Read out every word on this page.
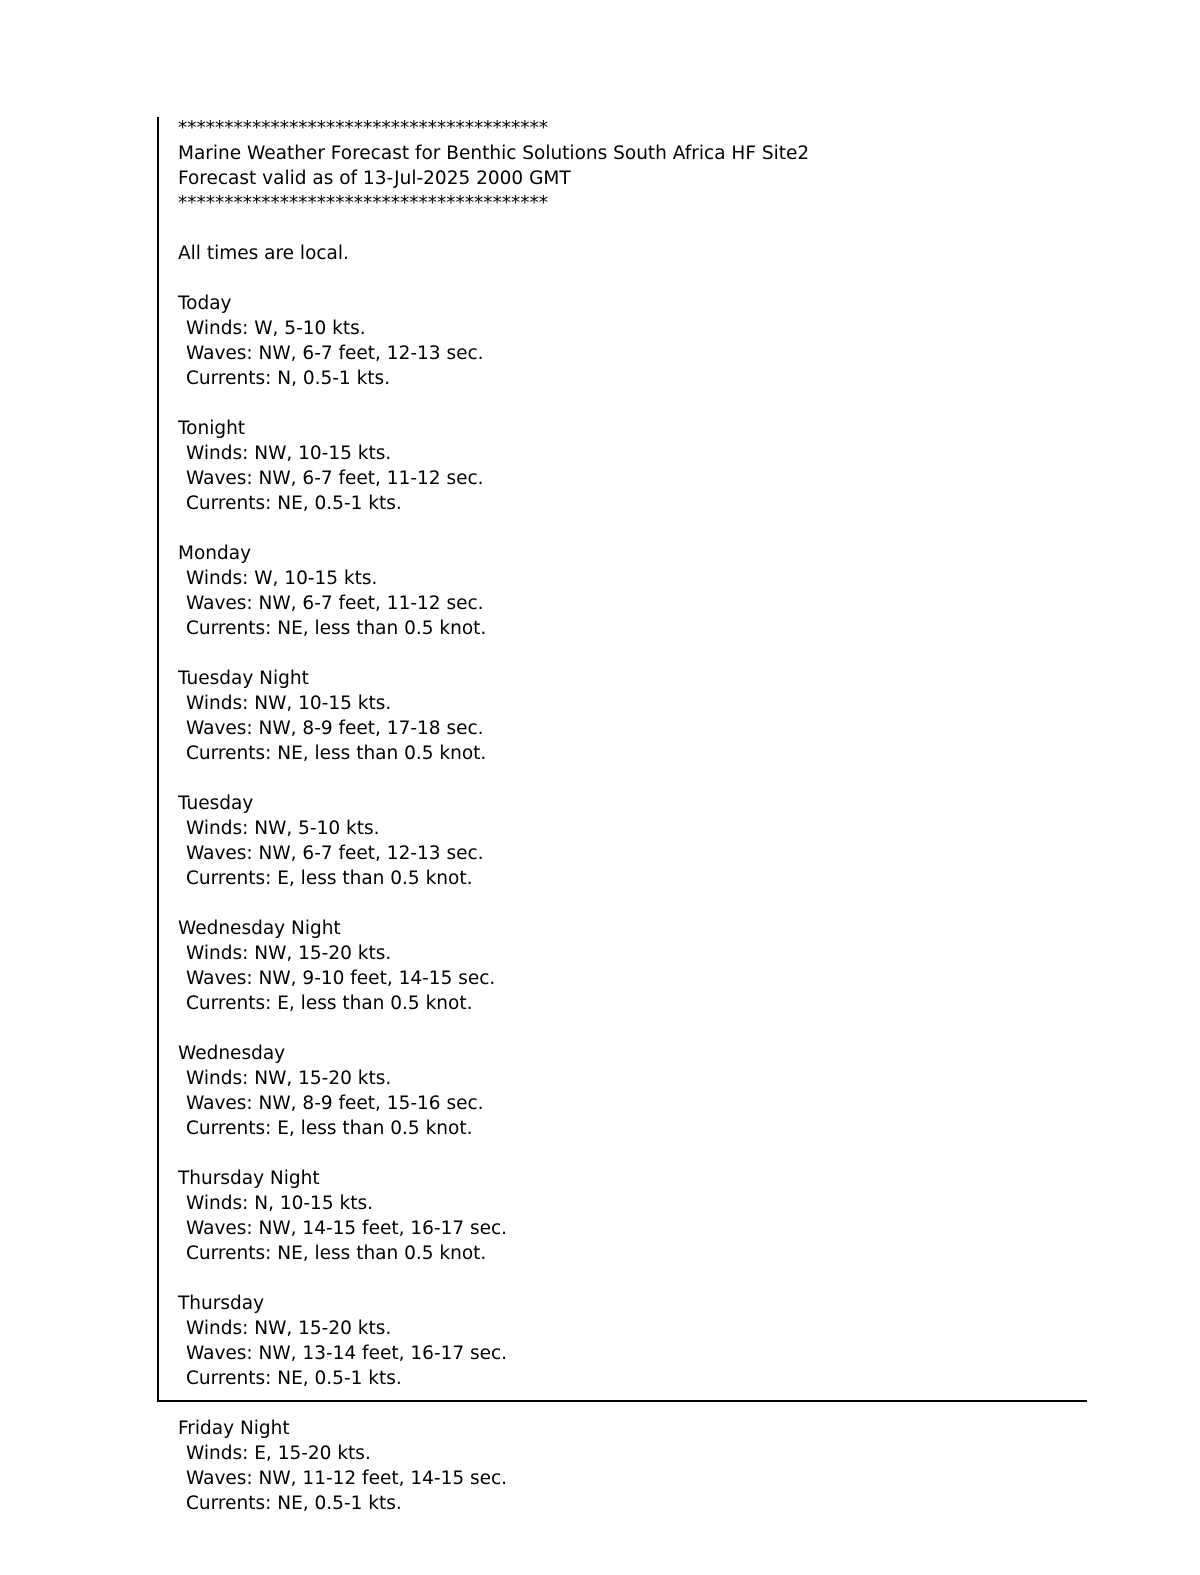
****************************************
Marine Weather Forecast for Benthic Solutions South Africa HF Site2
Forecast valid as of 13-Jul-2025 2000 GMT
****************************************
All times are local.
Today
Winds: W, 5-10 kts.
Waves: NW, 6-7 feet, 12-13 sec.
Currents: N, 0.5-1 kts.
Tonight
Winds: NW, 10-15 kts.
Waves: NW, 6-7 feet, 11-12 sec.
Currents: NE, 0.5-1 kts.
Monday
Winds: W, 10-15 kts.
Waves: NW, 6-7 feet, 11-12 sec.
Currents: NE, less than 0.5 knot.
Tuesday Night
Winds: NW, 10-15 kts.
Waves: NW, 8-9 feet, 17-18 sec.
Currents: NE, less than 0.5 knot.
Tuesday
Winds: NW, 5-10 kts.
Waves: NW, 6-7 feet, 12-13 sec.
Currents: E, less than 0.5 knot.
Wednesday Night
Winds: NW, 15-20 kts.
Waves: NW, 9-10 feet, 14-15 sec.
Currents: E, less than 0.5 knot.
Wednesday
Winds: NW, 15-20 kts.
Waves: NW, 8-9 feet, 15-16 sec.
Currents: E, less than 0.5 knot.
Thursday Night
Winds: N, 10-15 kts.
Waves: NW, 14-15 feet, 16-17 sec.
Currents: NE, less than 0.5 knot.
Thursday
Winds: NW, 15-20 kts.
Waves: NW, 13-14 feet, 16-17 sec.
Currents: NE, 0.5-1 kts.
Friday Night
Winds: E, 15-20 kts.
Waves: NW, 11-12 feet, 14-15 sec.
Currents: NE, 0.5-1 kts.
